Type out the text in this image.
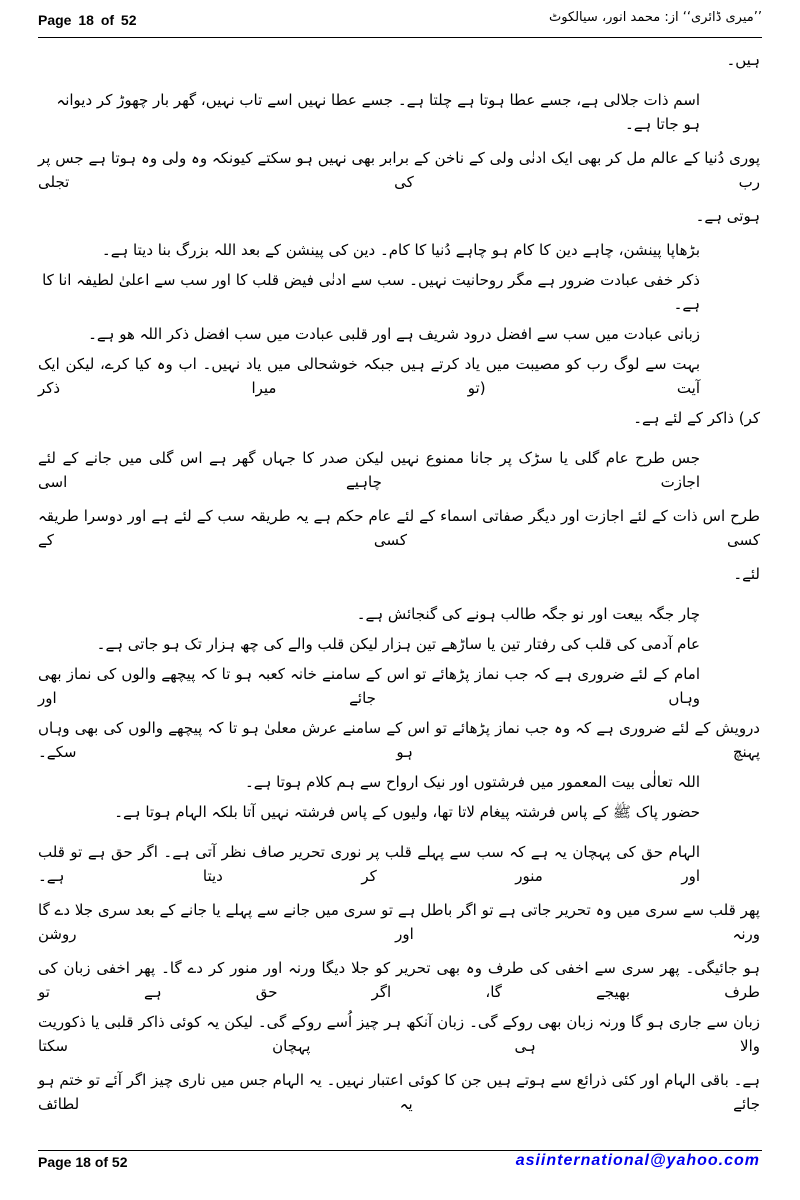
Page 18 of 52	’’میری ڈائری‘‘ از: محمد انور، سیالکوٹ
ہیں۔
اسم ذات جلالی ہے، جسے عطا ہوتا ہے چلتا ہے۔ جسے عطا نہیں اسے تاب نہیں، گھر بار چھوڑ کر دیوانہ ہو جاتا ہے۔
پوری دُنیا کے عالم مل کر بھی ایک ادنٰی ولی کے ناخن کے برابر بھی نہیں ہو سکتے کیونکہ وہ ولی وہ ہوتا ہے جس پر رب کی تجلی
ہوتی ہے۔
بڑھاپا پینشن، چاہے دین کا کام ہو چاہے دُنیا کا کام۔ دین کی پینشن کے بعد اللہ بزرگ بنا دیتا ہے۔
ذکر خفی عبادت ضرور ہے مگر روحانیت نہیں۔ سب سے ادنٰی فیض قلب کا اور سب سے اعلیٰ لطیفہ انا کا ہے۔
زبانی عبادت میں سب سے افضل درود شریف ہے اور قلبی عبادت میں سب افضل ذکر اللہ ھو ہے۔
بہت سے لوگ رب کو مصیبت میں یاد کرتے ہیں جبکہ خوشحالی میں یاد نہیں۔ اب وہ کیا کرے، لیکن ایک آیت (تو میرا ذکر
کر) ذاکر کے لئے ہے۔
جس طرح عام گلی یا سڑک پر جانا ممنوع نہیں لیکن صدر کا جہاں گھر ہے اس گلی میں جانے کے لئے اجازت چاہیے اسی
طرح اس ذات کے لئے اجازت اور دیگر صفاتی اسماء کے لئے عام حکم ہے یہ طریقہ سب کے لئے ہے اور دوسرا طریقہ کسی کسی کے
لئے۔
چار جگہ بیعت اور نو جگہ طالب ہونے کی گنجائش ہے۔
عام آدمی کی قلب کی رفتار تین یا ساڑھے تین ہزار لیکن قلب والے کی چھ ہزار تک ہو جاتی ہے۔
امام کے لئے ضروری ہے کہ جب نماز پڑھائے تو اس کے سامنے خانہ کعبہ ہو تا کہ پیچھے والوں کی نماز بھی وہاں جائے اور
درویش کے لئے ضروری ہے کہ وہ جب نماز پڑھائے تو اس کے سامنے عرش معلیٰ ہو تا کہ پیچھے والوں کی بھی وہاں پہنچ ہو سکے۔
اللہ تعالٰی بیت المعمور میں فرشتوں اور نیک ارواح سے ہم کلام ہوتا ہے۔
حضور پاک ﷺ کے پاس فرشتہ پیغام لاتا تھا، ولیوں کے پاس فرشتہ نہیں آتا بلکہ الہام ہوتا ہے۔
الہام حق کی پہچان یہ ہے کہ سب سے پہلے قلب پر نوری تحریر صاف نظر آتی ہے۔ اگر حق ہے تو قلب اور منور کر دیتا ہے۔
پھر قلب سے سری میں وہ تحریر جاتی ہے تو اگر باطل ہے تو سری میں جانے سے پہلے یا جانے کے بعد سری جلا دے گا ورنہ اور روشن
ہو جائیگی۔ پھر سری سے اخفی کی طرف وہ بھی تحریر کو جلا دیگا ورنہ اور منور کر دے گا۔ پھر اخفی زبان کی طرف بھیجے گا، اگر حق ہے تو
زبان سے جاری ہو گا ورنہ زبان بھی روکے گی۔ زبان آنکھ ہر چیز اُسے روکے گی۔ لیکن یہ کوئی ذاکر قلبی یا ذکوریت والا ہی پہچان سکتا
ہے۔ باقی الہام اور کئی ذرائع سے ہوتے ہیں جن کا کوئی اعتبار نہیں۔ یہ الہام جس میں ناری چیز اگر آئے تو ختم ہو جائے یہ لطائف
Page 18 of 52	asiinternational@yahoo.com
